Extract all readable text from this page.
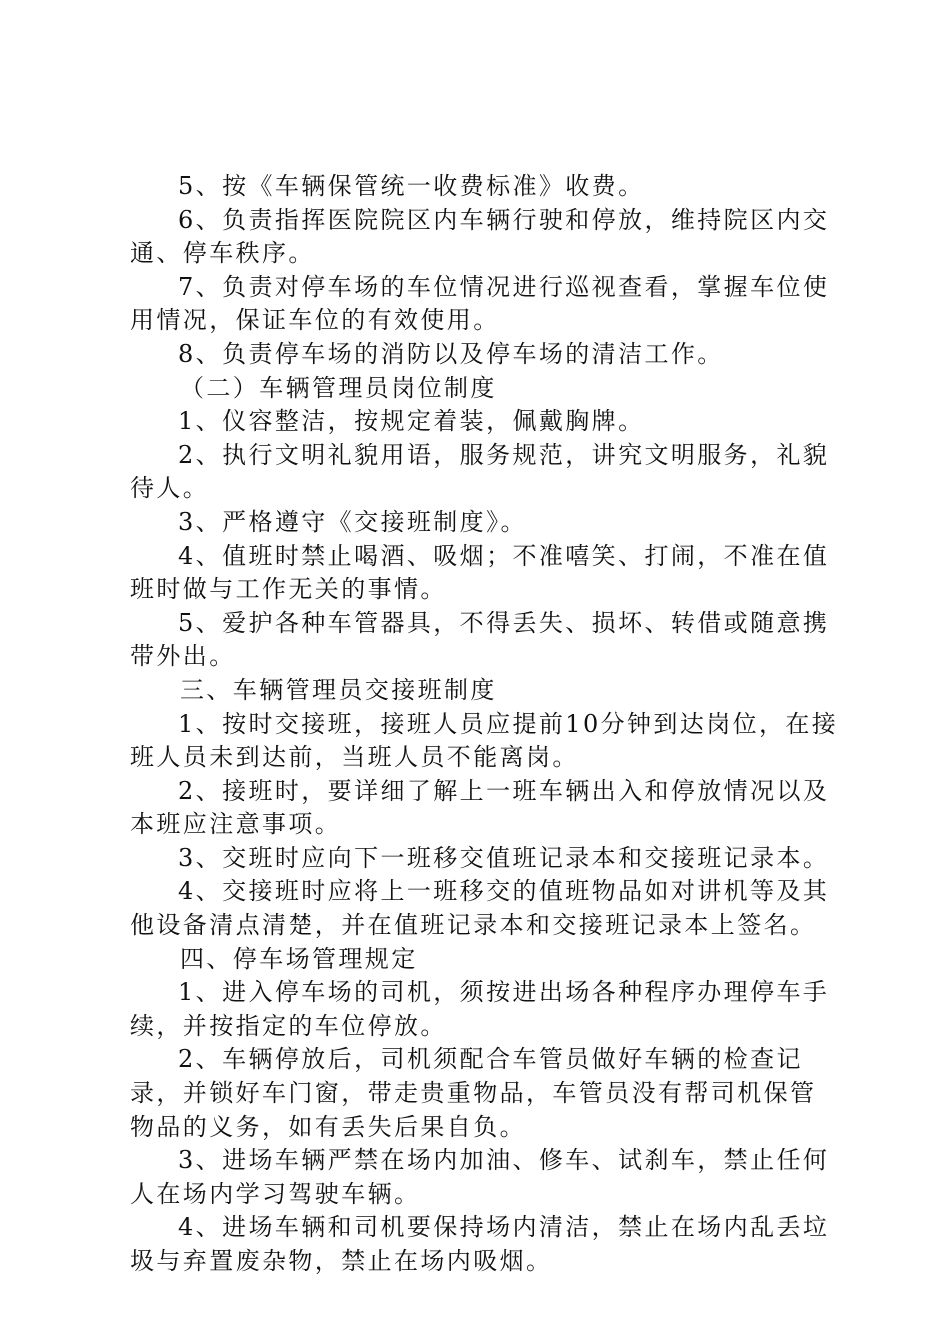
5、按《车辆保管统一收费标准》收费。

6、负责指挥医院院区内车辆行驶和停放，维持院区内交通、停车秩序。

7、负责对停车场的车位情况进行巡视查看，掌握车位使用情况，保证车位的有效使用。

8、负责停车场的消防以及停车场的清洁工作。

（二）车辆管理员岗位制度

1、仪容整洁，按规定着装，佩戴胸牌。

2、执行文明礼貌用语，服务规范，讲究文明服务，礼貌待人。

3、严格遵守《交接班制度》。

4、值班时禁止喝酒、吸烟；不准嘻笑、打闹，不准在值班时做与工作无关的事情。

5、爱护各种车管器具，不得丢失、损坏、转借或随意携带外出。

三、车辆管理员交接班制度

1、按时交接班，接班人员应提前10分钟到达岗位，在接班人员未到达前，当班人员不能离岗。

2、接班时，要详细了解上一班车辆出入和停放情况以及本班应注意事项。

3、交班时应向下一班移交值班记录本和交接班记录本。

4、交接班时应将上一班移交的值班物品如对讲机等及其他设备清点清楚，并在值班记录本和交接班记录本上签名。

四、停车场管理规定

1、进入停车场的司机，须按进出场各种程序办理停车手续，并按指定的车位停放。

2、车辆停放后，司机须配合车管员做好车辆的检查记录，并锁好车门窗，带走贵重物品，车管员没有帮司机保管物品的义务，如有丢失后果自负。

3、进场车辆严禁在场内加油、修车、试刹车，禁止任何人在场内学习驾驶车辆。

4、进场车辆和司机要保持场内清洁，禁止在场内乱丢垃圾与弃置废杂物，禁止在场内吸烟。
